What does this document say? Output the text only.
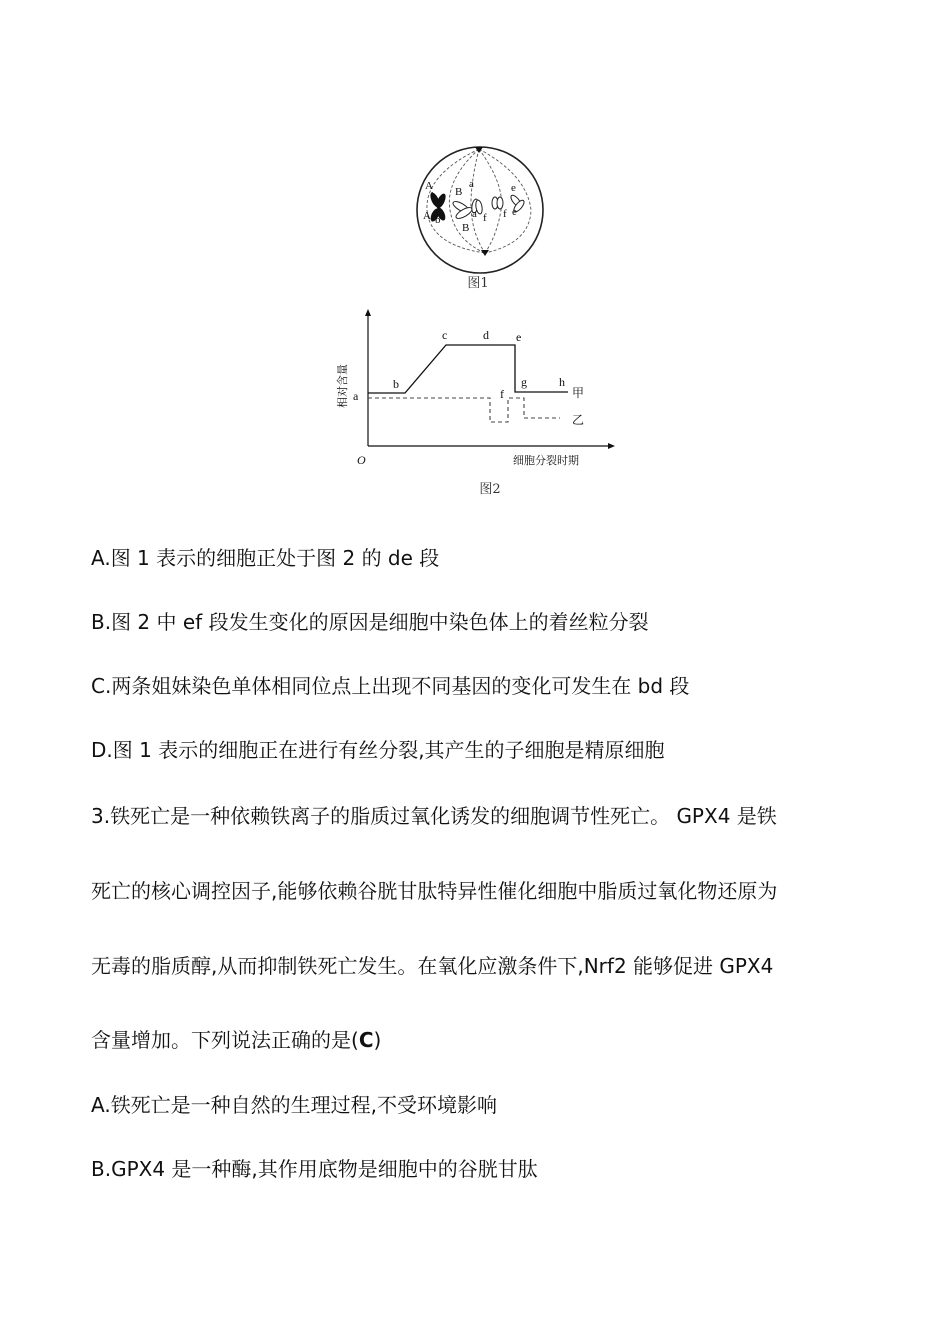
A
b
A b
B
a
a
B
f f
e
e
图1
相对含量
O	细胞分裂时期
a
b
c	d e
f
g	h
甲
乙
图2
A.图 1 表示的细胞正处于图 2 的 de 段
B.图 2 中 ef 段发生变化的原因是细胞中染色体上的着丝粒分裂
C.两条姐妹染色单体相同位点上出现不同基因的变化可发生在 bd 段
D.图 1 表示的细胞正在进行有丝分裂,其产生的子细胞是精原细胞
3.铁死亡是一种依赖铁离子的脂质过氧化诱发的细胞调节性死亡。 GPX4 是铁
死亡的核心调控因子,能够依赖谷胱甘肽特异性催化细胞中脂质过氧化物还原为
无毒的脂质醇,从而抑制铁死亡发生。在氧化应激条件下,Nrf2 能够促进 GPX4
含量增加。下列说法正确的是(C)
A.铁死亡是一种自然的生理过程,不受环境影响
B.GPX4 是一种酶,其作用底物是细胞中的谷胱甘肽
